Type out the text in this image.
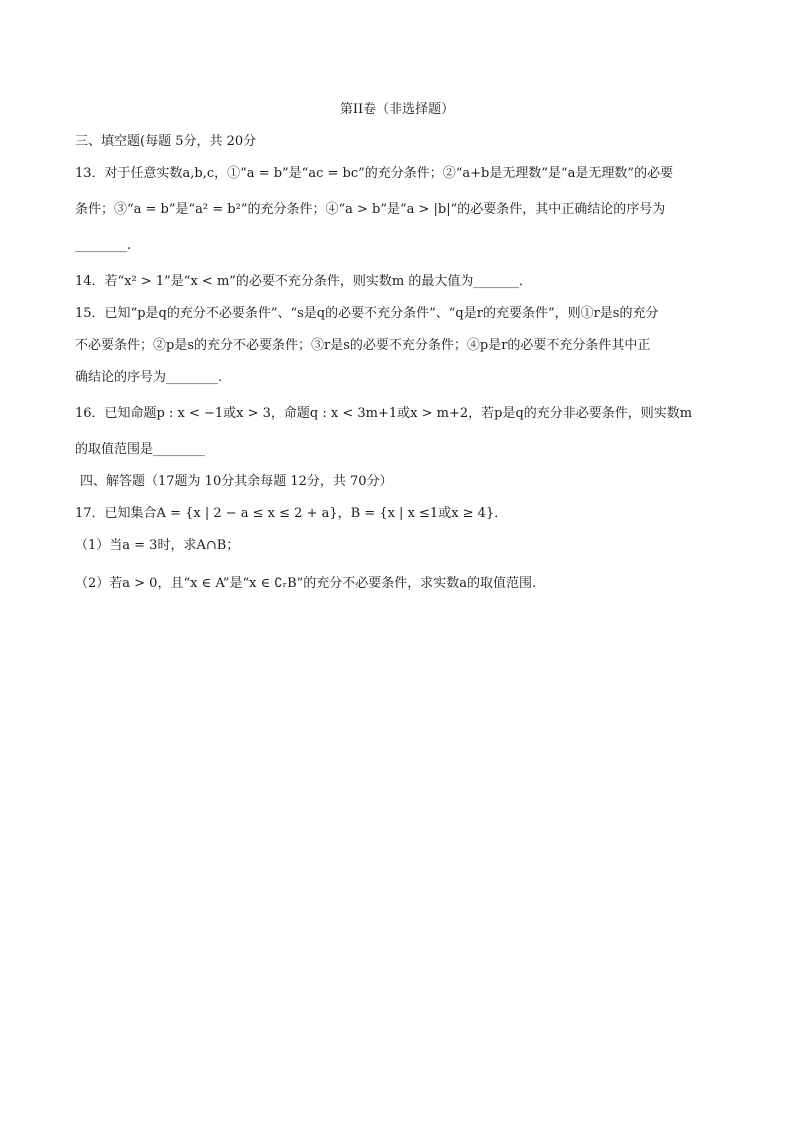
第II卷（非选择题）
三、填空题(每题 5分，共 20分
13．对于任意实数a,b,c，①“a = b”是“ac = bc”的充分条件；②“a+b是无理数”是“a是无理数”的必要
条件；③“a = b”是“a² = b²”的充分条件；④“a > b”是“a > |b|”的必要条件，其中正确结论的序号为
________.
14．若“x² > 1”是“x < m”的必要不充分条件，则实数m 的最大值为_______．
15．已知“p是q的充分不必要条件”、“s是q的必要不充分条件”、“q是r的充要条件”，则①r是s的充分
不必要条件；②p是s的充分不必要条件；③r是s的必要不充分条件；④p是r的必要不充分条件其中正
确结论的序号为________.
16．已知命题p : x < −1或x > 3，命题q : x < 3m+1或x > m+2，若p是q的充分非必要条件，则实数m
的取值范围是________
四、解答题（17题为 10分其余每题 12分，共 70分）
17．已知集合A = {x | 2 − a ≤ x ≤ 2 + a}，B = {x | x ≤1或x ≥ 4}．
（1）当a = 3时，求A∩B；
（2）若a > 0，且“x ∈ A”是“x ∈ ∁ᵣB”的充分不必要条件，求实数a的取值范围.
